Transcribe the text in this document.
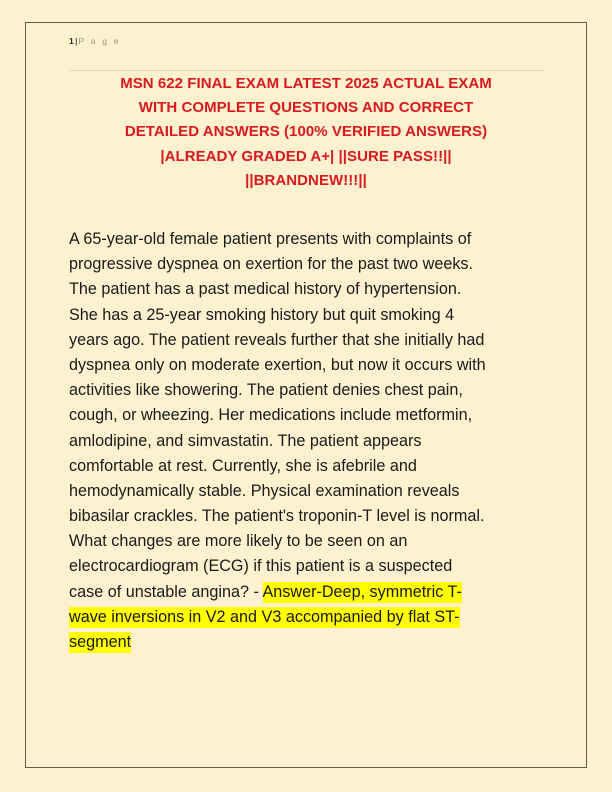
1|P a g e
MSN 622 FINAL EXAM LATEST 2025 ACTUAL EXAM
WITH COMPLETE QUESTIONS AND CORRECT
DETAILED ANSWERS (100% VERIFIED ANSWERS)
|ALREADY GRADED A+| ||SURE PASS!!||
||BRANDNEW!!!||
A 65-year-old female patient presents with complaints of
progressive dyspnea on exertion for the past two weeks.
The patient has a past medical history of hypertension.
She has a 25-year smoking history but quit smoking 4
years ago. The patient reveals further that she initially had
dyspnea only on moderate exertion, but now it occurs with
activities like showering. The patient denies chest pain,
cough, or wheezing. Her medications include metformin,
amlodipine, and simvastatin. The patient appears
comfortable at rest. Currently, she is afebrile and
hemodynamically stable. Physical examination reveals
bibasilar crackles. The patient's troponin-T level is normal.
What changes are more likely to be seen on an
electrocardiogram (ECG) if this patient is a suspected
case of unstable angina? - Answer-Deep, symmetric T-
wave inversions in V2 and V3 accompanied by flat ST-
segment
